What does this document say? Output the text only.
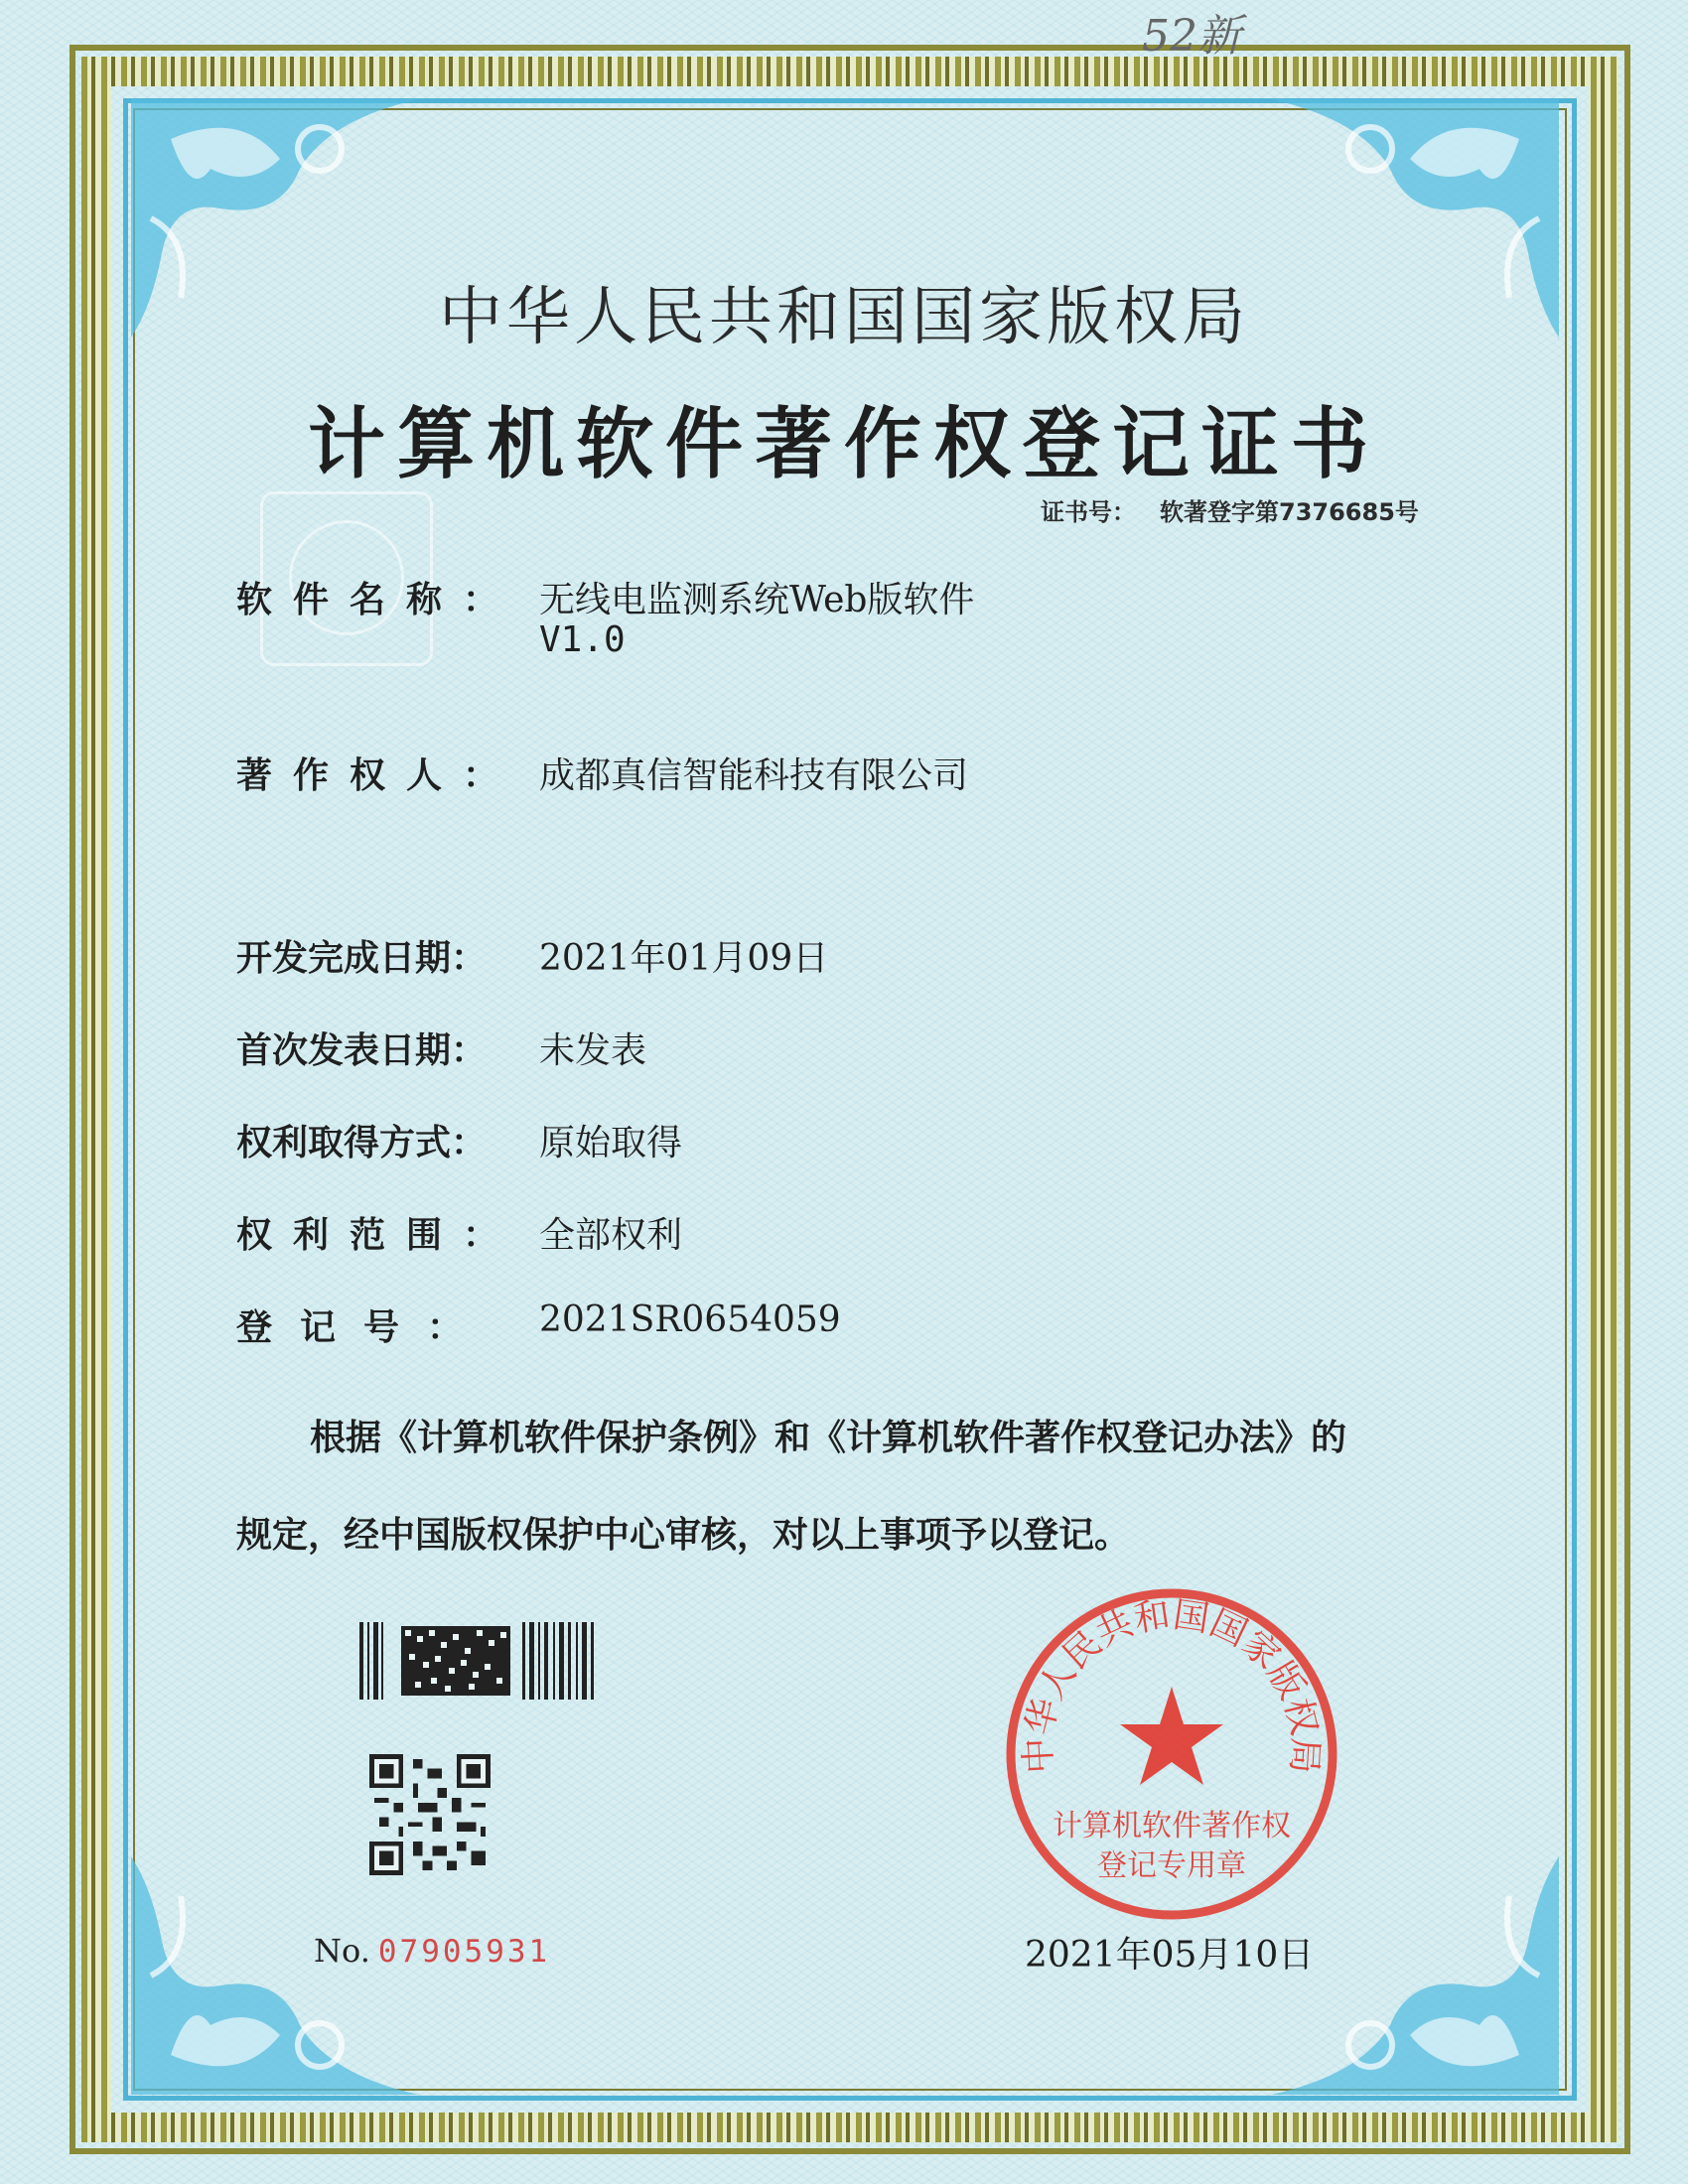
52新
中华人民共和国国家版权局
计算机软件著作权登记证书
证书号： 软著登字第7376685号
软件名称： 无线电监测系统Web版软件
V1.0
著作权人： 成都真信智能科技有限公司
开发完成日期：	2021年01月09日
首次发表日期：	未发表
权利取得方式：	原始取得
权利范围： 全部权利
登记号：	2021SR0654059
根据《计算机软件保护条例》和《计算机软件著作权登记办法》的
规定，经中国版权保护中心审核，对以上事项予以登记。
No. 07905931
中华人民共和国国家版权局
计算机软件著作权
登记专用章
2021年05月10日
